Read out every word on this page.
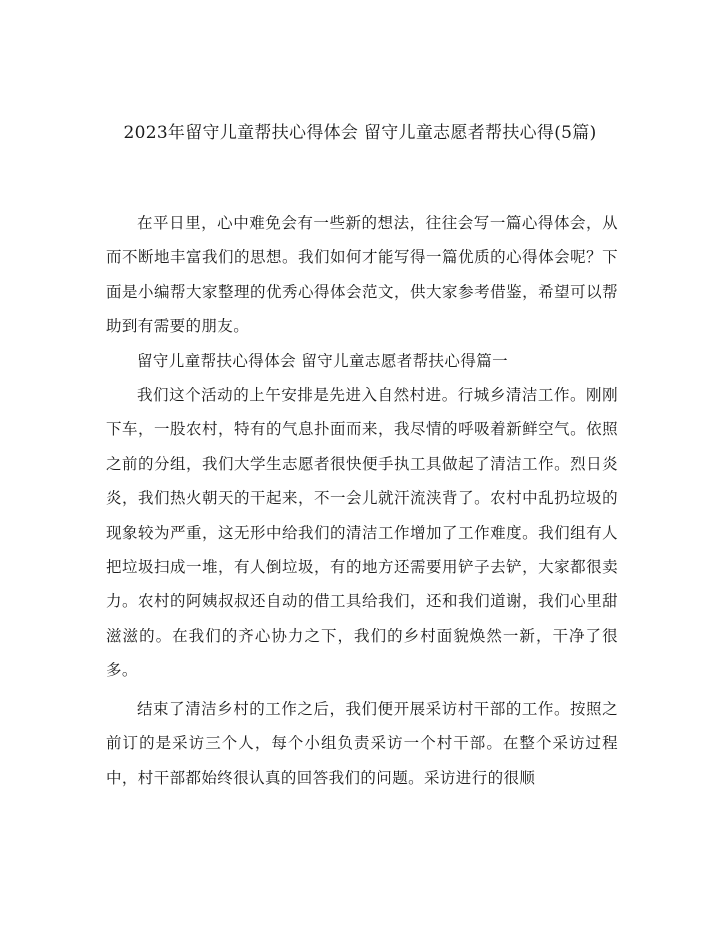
2023年留守儿童帮扶心得体会 留守儿童志愿者帮扶心得(5篇)

在平日里，心中难免会有一些新的想法，往往会写一篇心得体会，从而不断地丰富我们的思想。我们如何才能写得一篇优质的心得体会呢？下面是小编帮大家整理的优秀心得体会范文，供大家参考借鉴，希望可以帮助到有需要的朋友。

留守儿童帮扶心得体会 留守儿童志愿者帮扶心得篇一

我们这个活动的上午安排是先进入自然村进。行城乡清洁工作。刚刚下车，一股农村，特有的气息扑面而来，我尽情的呼吸着新鲜空气。依照之前的分组，我们大学生志愿者很快便手执工具做起了清洁工作。烈日炎炎，我们热火朝天的干起来，不一会儿就汗流浃背了。农村中乱扔垃圾的现象较为严重，这无形中给我们的清洁工作增加了工作难度。我们组有人把垃圾扫成一堆，有人倒垃圾，有的地方还需要用铲子去铲，大家都很卖力。农村的阿姨叔叔还自动的借工具给我们，还和我们道谢，我们心里甜滋滋的。在我们的齐心协力之下，我们的乡村面貌焕然一新，干净了很多。

结束了清洁乡村的工作之后，我们便开展采访村干部的工作。按照之前订的是采访三个人，每个小组负责采访一个村干部。在整个采访过程中，村干部都始终很认真的回答我们的问题。采访进行的很顺
